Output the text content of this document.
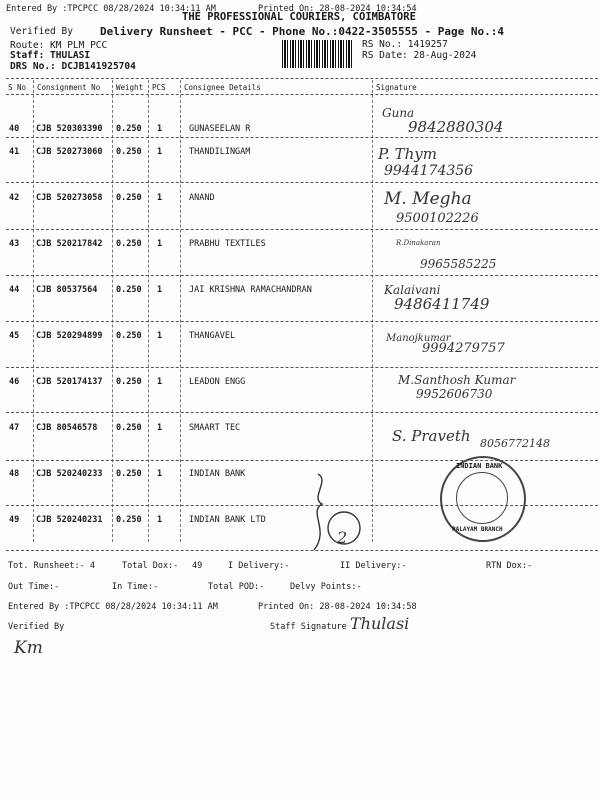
Entered By :TPCPCC 08/28/2024 10:34:11 AM	Printed On: 28-08-2024 10:34:54
THE PROFESSIONAL COURIERS, COIMBATORE
Verified By Delivery Runsheet - PCC - Phone No.:0422-3505555 - Page No.:4
Route: KM PLM PCC
Staff: THULASI
DRS No.: DCJB141925704
RS No.: 1419257
RS Date: 28-Aug-2024
S No Consignment No Weight PCS Consignee Details	Signature
40 CJB 520303390 0.250 1	GUNASEELAN R
Guna
9842880304
41 CJB 520273060 0.250 1	THANDILINGAM	P. Thym
9944174356
42 CJB 520273058 0.250 1	ANAND	M. Megha
9500102226
43 CJB 520217842 0.250 1	PRABHU TEXTILES	R.Dinakaran
9965585225
44 CJB 80537564 0.250 1	JAI KRISHNA RAMACHANDRAN	Kalaivani
9486411749
45 CJB 520294899 0.250 1	THANGAVEL	Manojkumar
9994279757
46 CJB 520174137 0.250 1	LEADON ENGG	M.Santhosh Kumar
9952606730
47 CJB 80546578 0.250 1	SMAART TEC	S. Praveth 8056772148
48 CJB 520240233 0.250 1	INDIAN BANK
49 CJB 520240231 0.250 1	INDIAN BANK LTD
2
INDIAN BANK
PALAYAM BRANCH
Tot. Runsheet:- 4	Total Dox:- 49	I Delivery:-	II Delivery:-	RTN Dox:-
Out Time:-	In Time:-	Total POD:-	Delvy Points:-
Entered By :TPCPCC 08/28/2024 10:34:11 AM	Printed On: 28-08-2024 10:34:58
Verified By	Staff Signature
Km
Thulasi
